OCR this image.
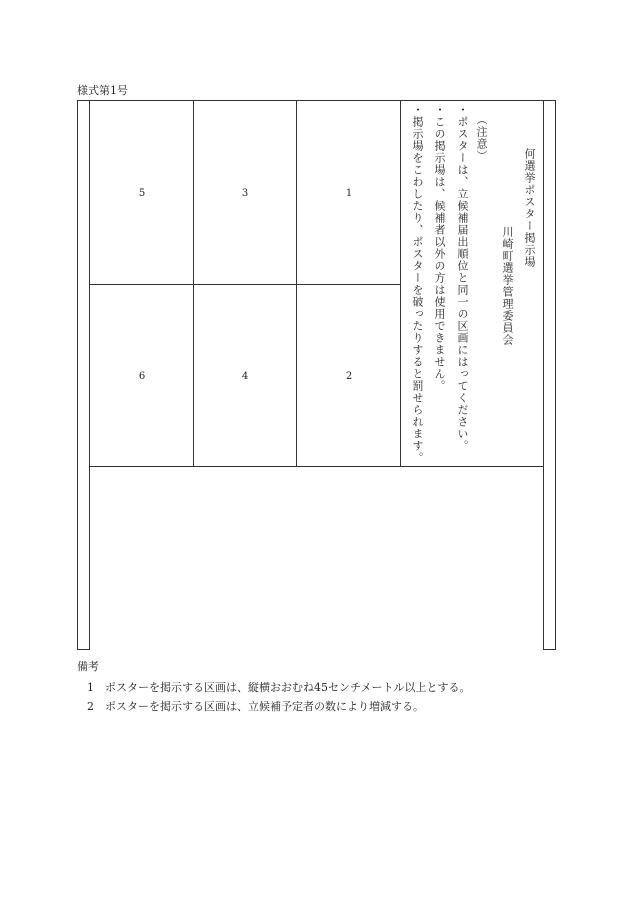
様式第1号
1
2
3
4
5
6
何選挙ポスター掲示場
川崎町選挙管理委員会
（注意）
・ポスターは、立候補届出順位と同一の区画にはってください。
・この掲示場は、候補者以外の方は使用できません。
・掲示場をこわしたり、ポスターを破ったりすると罰せられます。
備考
1 ポスターを掲示する区画は、縦横おおむね45センチメートル以上とする。
2 ポスターを掲示する区画は、立候補予定者の数により増減する。
